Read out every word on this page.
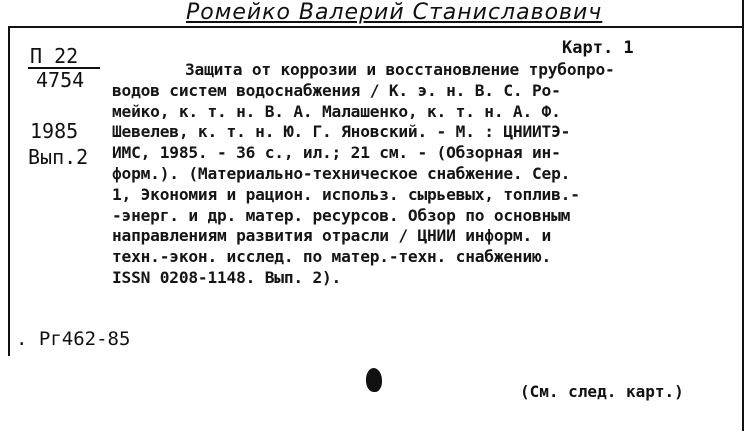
Ромейко Валерий Станиславович
П 22
4754
1985
Вып.2
Карт. 1
Защита от коррозии и восстановление трубопро-
водов систем водоснабжения / К. э. н. В. С. Ро-
мейко, к. т. н. В. А. Малашенко, к. т. н. А. Ф.
Шевелев, к. т. н. Ю. Г. Яновский. - М. : ЦНИИТЭ-
ИМС, 1985. - 36 с., ил.; 21 см. - (Обзорная ин-
форм.). (Материально-техническое снабжение. Сер.
1, Экономия и рацион. использ. сырьевых, топлив.-
-энерг. и др. матер. ресурсов. Обзор по основным
направлениям развития отрасли / ЦНИИ информ. и
техн.-экон. исслед. по матер.-техн. снабжению.
ISSN 0208-1148. Вып. 2).
. Рг462-85
(См. след. карт.)
